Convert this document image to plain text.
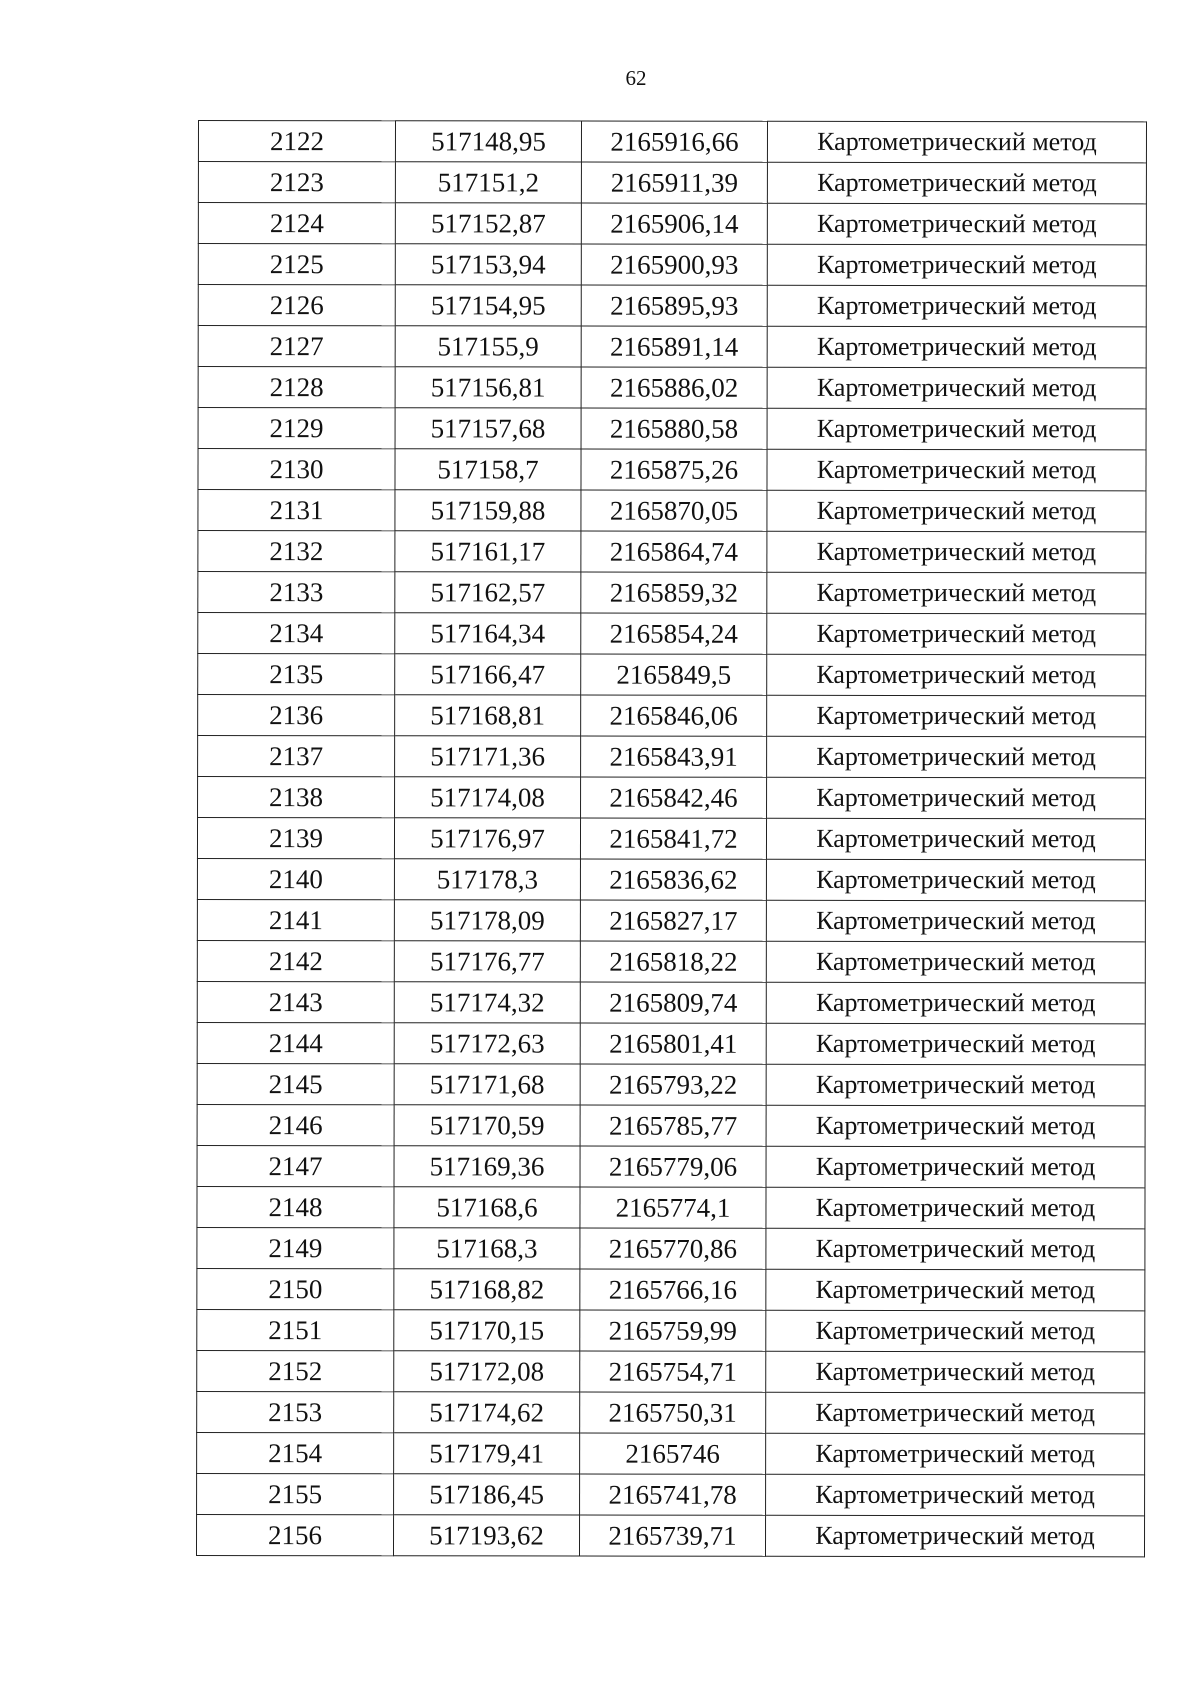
62
2122	517148,95	2165916,66	Картометрический метод
2123	517151,2	2165911,39	Картометрический метод
2124	517152,87	2165906,14	Картометрический метод
2125	517153,94	2165900,93	Картометрический метод
2126	517154,95	2165895,93	Картометрический метод
2127	517155,9	2165891,14	Картометрический метод
2128	517156,81	2165886,02	Картометрический метод
2129	517157,68	2165880,58	Картометрический метод
2130	517158,7	2165875,26	Картометрический метод
2131	517159,88	2165870,05	Картометрический метод
2132	517161,17	2165864,74	Картометрический метод
2133	517162,57	2165859,32	Картометрический метод
2134	517164,34	2165854,24	Картометрический метод
2135	517166,47	2165849,5	Картометрический метод
2136	517168,81	2165846,06	Картометрический метод
2137	517171,36	2165843,91	Картометрический метод
2138	517174,08	2165842,46	Картометрический метод
2139	517176,97	2165841,72	Картометрический метод
2140	517178,3	2165836,62	Картометрический метод
2141	517178,09	2165827,17	Картометрический метод
2142	517176,77	2165818,22	Картометрический метод
2143	517174,32	2165809,74	Картометрический метод
2144	517172,63	2165801,41	Картометрический метод
2145	517171,68	2165793,22	Картометрический метод
2146	517170,59	2165785,77	Картометрический метод
2147	517169,36	2165779,06	Картометрический метод
2148	517168,6	2165774,1	Картометрический метод
2149	517168,3	2165770,86	Картометрический метод
2150	517168,82	2165766,16	Картометрический метод
2151	517170,15	2165759,99	Картометрический метод
2152	517172,08	2165754,71	Картометрический метод
2153	517174,62	2165750,31	Картометрический метод
2154	517179,41	2165746	Картометрический метод
2155	517186,45	2165741,78	Картометрический метод
2156	517193,62	2165739,71	Картометрический метод
